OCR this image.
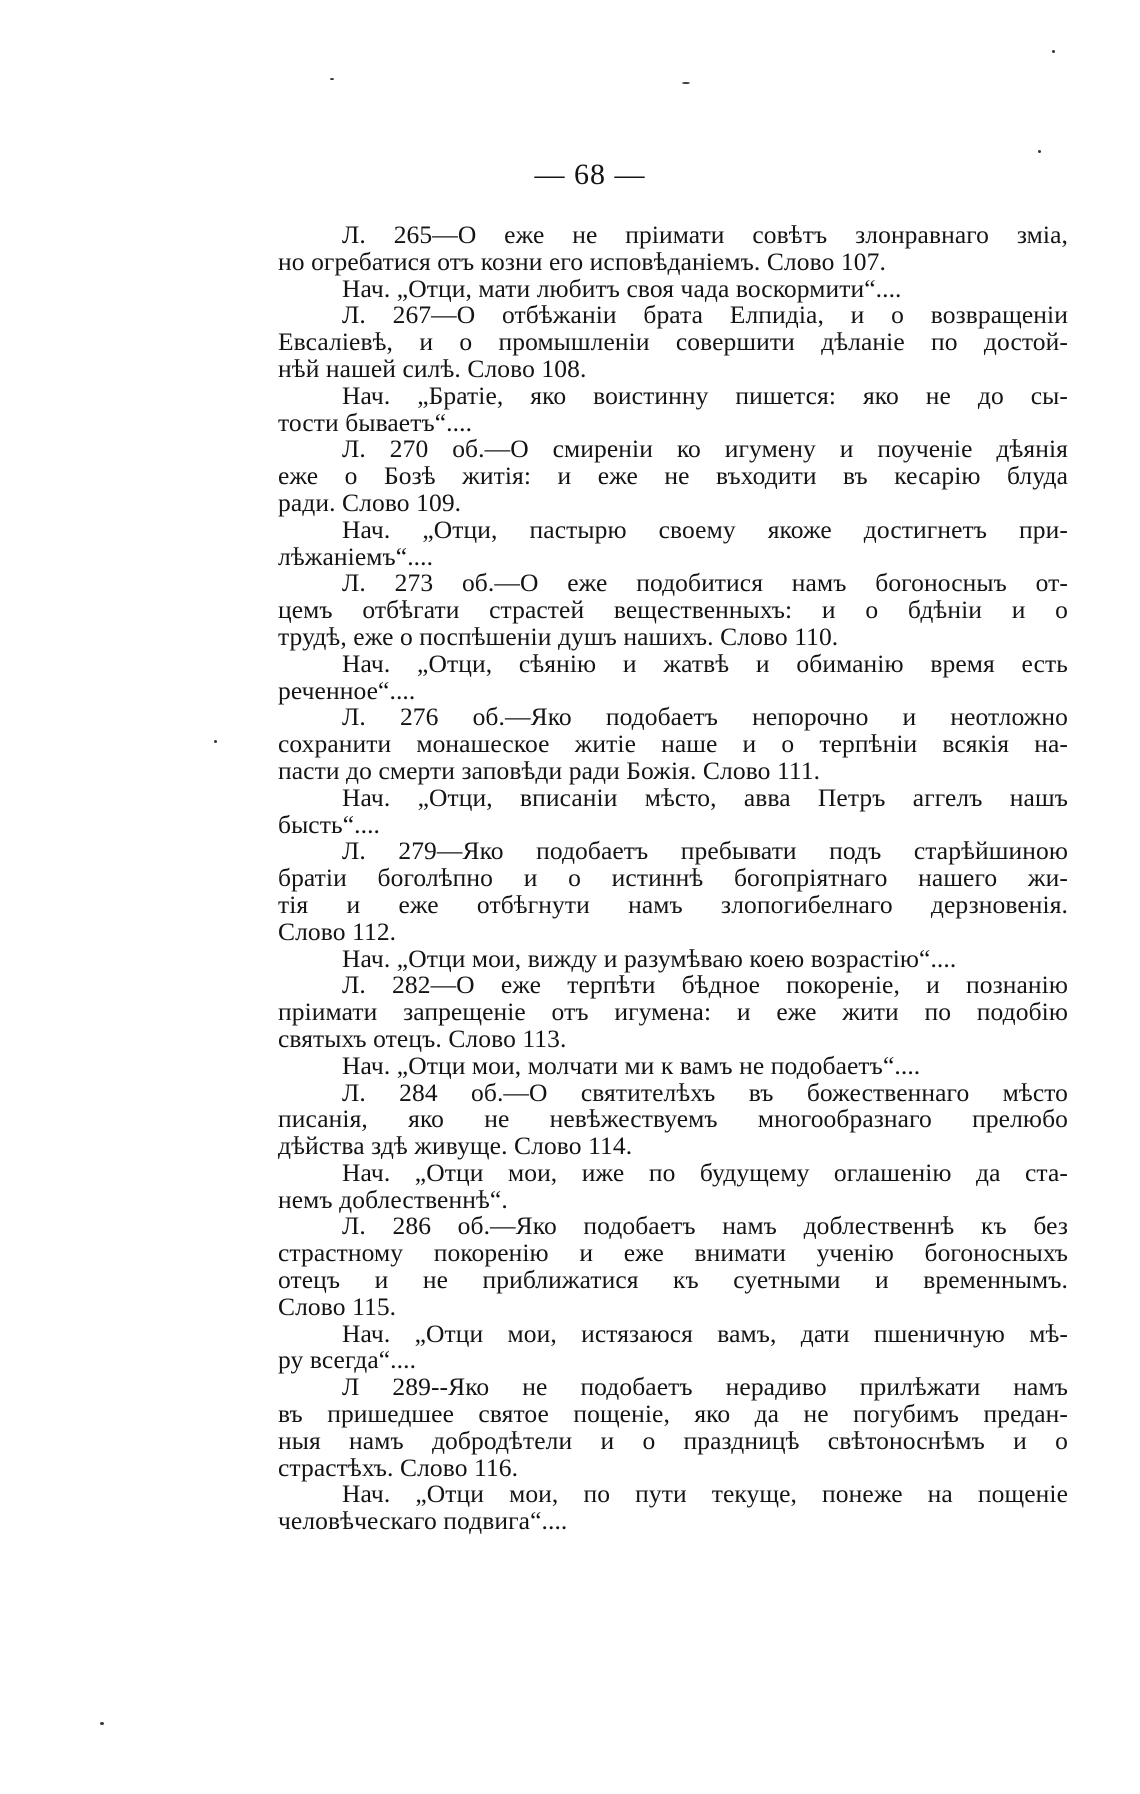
— 68 —
Л. 265—О еже не пріимати совѣтъ злонравнаго зміа,
но огребатися отъ козни его исповѣданіемъ. Слово 107.
Нач. „Отци, мати любитъ своя чада воскормити“....
Л. 267—О отбѣжаніи брата Елпидіа, и о возвращеніи
Евсаліевѣ, и о промышленіи совершити дѣланіе по достой-
нѣй нашей силѣ. Слово 108.
Нач. „Братіе, яко воистинну пишется: яко не до сы-
тости бываетъ“....
Л. 270 об.—О смиреніи ко игумену и поученіе дѣянія
еже о Бозѣ житія: и еже не въходити въ кесарію блуда
ради. Слово 109.
Нач. „Отци, пастырю своему якоже достигнетъ при-
лѣжаніемъ“....
Л. 273 об.—О еже подобитися намъ богоносныъ от-
цемъ отбѣгати страстей вещественныхъ: и о бдѣніи и о
трудѣ, еже о поспѣшеніи душъ нашихъ. Слово 110.
Нач. „Отци, сѣянію и жатвѣ и обиманію время есть
реченное“....
Л. 276 об.—Яко подобаетъ непорочно и неотложно
сохранити монашеское житіе наше и о терпѣніи всякія на-
пасти до смерти заповѣди ради Божія. Слово 111.
Нач. „Отци, вписаніи мѣсто, авва Петръ аггелъ нашъ
бысть“....
Л. 279—Яко подобаетъ пребывати подъ старѣйшиною
братіи боголѣпно и о истиннѣ богопріятнаго нашего жи-
тія и еже отбѣгнути намъ злопогибелнаго дерзновенія.
Слово 112.
Нач. „Отци мои, вижду и разумѣваю коею возрастію“....
Л. 282—О еже терпѣти бѣдное покореніе, и познанію
пріимати запрещеніе отъ игумена: и еже жити по подобію
святыхъ отецъ. Слово 113.
Нач. „Отци мои, молчати ми к вамъ не подобаетъ“....
Л. 284 об.—О святителѣхъ въ божественнаго мѣсто
писанія, яко не невѣжествуемъ многообразнаго прелюбо
дѣйства здѣ живуще. Слово 114.
Нач. „Отци мои, иже по будущему оглашенію да ста-
немъ доблественнѣ“.
Л. 286 об.—Яко подобаетъ намъ доблественнѣ къ без
страстному покоренію и еже внимати ученію богоносныхъ
отецъ и не приближатися къ суетными и временнымъ.
Слово 115.
Нач. „Отци мои, истязаюся вамъ, дати пшеничную мѣ-
ру всегда“....
Л 289--Яко не подобаетъ нерадиво прилѣжати намъ
въ пришедшее святое пощеніе, яко да не погубимъ предан-
ныя намъ добродѣтели и о праздницѣ свѣтоноснѣмъ и о
страстѣхъ. Слово 116.
Нач. „Отци мои, по пути текуще, понеже на пощеніе
человѣческаго подвига“....
